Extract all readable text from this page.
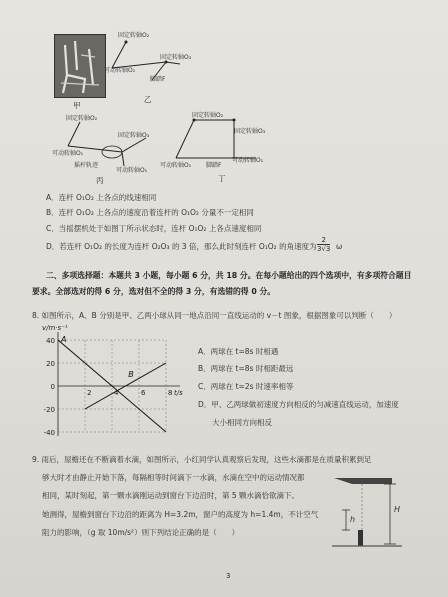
甲
固定转轴O₂
固定转轴O₃
可动转轴O₁
脚踏F
乙
固定转轴O₂
可动转轴O₁
固定转轴O₃
摇杆轨迹
可动转轴O₁
丙
固定转轴O₂
固定转轴O₃
可动转轴O₁ 脚踏F
可动转轴O₁
丁
A．连杆 O₁O₂ 上各点的线速相同
B．连杆 O₁O₂ 上各点的速度沿着连杆的 O₁O₂ 分量不一定相同
C．当摇摆机处于如图丁所示状态时，连杆 O₁O₂ 上各点速度相同
D．若连杆 O₁O₂ 的长度为连杆 O₂O₃ 的 3 倍，那么此时刻连杆 O₁O₂ 的角速度为 $\frac{2}{3√3}$ ω
二、多项选择题：本题共 3 小题，每小题 6 分，共 18 分。在每小题给出的四个选项中，有多项符合题目
要求。全部选对的得 6 分，选对但不全的得 3 分，有选错的得 0 分。
8. 如图所示，A、B 分别是甲、乙两小球从同一地点沿同一直线运动的 v－t 图象，根据图象可以判断（　　）
40
20
0
-20
-40
2	4	6	8
v/m·s⁻¹
t/s
A
B
A．两球在 t=8s 时相遇
B．两球在 t=8s 时相距最远
C．两球在 t=2s 时速率相等
D．甲、乙两球做初速度方向相反的匀减速直线运动，加速度
大小相同方向相反
9. 雨后，屋檐还在不断滴着水滴，如图所示，小红同学认真观察后发现，这些水滴都是在质量积累到足
够大时才由静止开始下落，每隔相等时间滴下一水滴，水滴在空中的运动情况都
相同，某时刻起，第一颗水滴刚运动到窗台下边沿时，第 5 颗水滴恰欲滴下。
她测得，屋檐到窗台下边沿的距离为 H=3.2m，窗户的高度为 h=1.4m，不计空气
阻力的影响，（g 取 10m/s²）则下列结论正确的是（　　）
H
h
3
